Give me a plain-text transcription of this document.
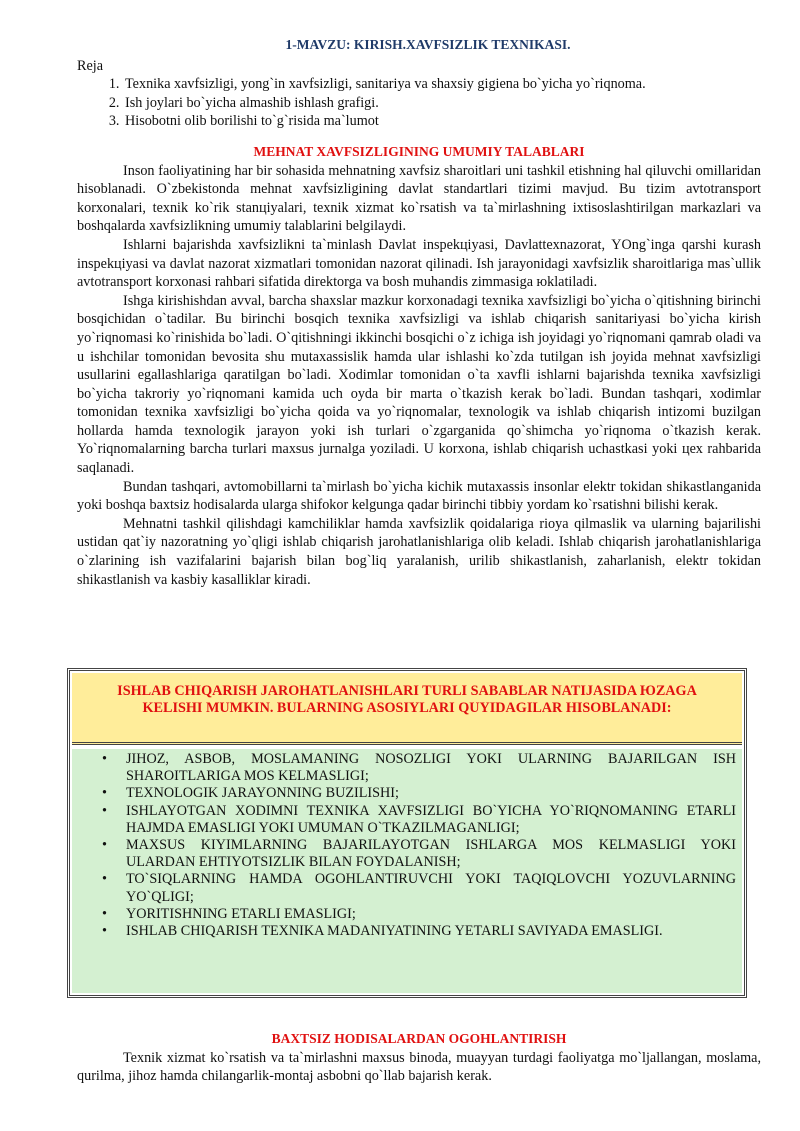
1-MAVZU: KIRISH.XAVFSIZLIK TEXNIKASI.
Reja
1. Texnika xavfsizligi, yong`in xavfsizligi, sanitariya va shaxsiy gigiena bo`yicha yo`riqnoma.
2. Ish joylari bo`yicha almashib ishlash grafigi.
3. Hisobotni olib borilishi to`g`risida ma`lumot
MEHNAT XAVFSIZLIGINING UMUMIY TALABLARI

Inson faoliyatining har bir sohasida mehnatning xavfsiz sharoitlari uni tashkil etishning hal qiluvchi omillaridan hisoblanadi. O`zbekistonda mehnat xavfsizligining davlat standartlari tizimi mavjud. Bu tizim avtotransport korxonalari, texnik ko`rik stanцiyalari, texnik xizmat ko`rsatish va ta`mirlashning ixtisoslashtirilgan markazlari va boshqalarda xavfsizlikning umumiy talablarini belgilaydi.

Ishlarni bajarishda xavfsizlikni ta`minlash Davlat inspekцiyasi, Davlattexnazorat, YOng`inga qarshi kurash inspekцiyasi va davlat nazorat xizmatlari tomonidan nazorat qilinadi. Ish jarayonidagi xavfsizlik sharoitlariga mas`ullik avtotransport korxonasi rahbari sifatida direktorga va bosh muhandis zimmasiga юklatiladi.

Ishga kirishishdan avval, barcha shaxslar mazkur korxonadagi texnika xavfsizligi bo`yicha o`qitishning birinchi bosqichidan o`tadilar. Bu birinchi bosqich texnika xavfsizligi va ishlab chiqarish sanitariyasi bo`yicha kirish yo`riqnomasi ko`rinishida bo`ladi. O`qitishningi ikkinchi bosqichi o`z ichiga ish joyidagi yo`riqnomani qamrab oladi va u ishchilar tomonidan bevosita shu mutaxassislik hamda ular ishlashi ko`zda tutilgan ish joyida mehnat xavfsizligi usullarini egallashlariga qaratilgan bo`ladi. Xodimlar tomonidan o`ta xavfli ishlarni bajarishda texnika xavfsizligi bo`yicha takroriy yo`riqnomani kamida uch oyda bir marta o`tkazish kerak bo`ladi. Bundan tashqari, xodimlar tomonidan texnika xavfsizligi bo`yicha qoida va yo`riqnomalar, texnologik va ishlab chiqarish intizomi buzilgan hollarda hamda texnologik jarayon yoki ish turlari o`zgarganida qo`shimcha yo`riqnoma o`tkazish kerak. Yo`riqnomalarning barcha turlari maxsus jurnalga yoziladi. U korxona, ishlab chiqarish uchastkasi yoki цех rahbarida saqlanadi.

Bundan tashqari, avtomobillarni ta`mirlash bo`yicha kichik mutaxassis insonlar elektr tokidan shikastlanganida yoki boshqa baxtsiz hodisalarda ularga shifokor kelgunga qadar birinchi tibbiy yordam ko`rsatishni bilishi kerak.

Mehnatni tashkil qilishdagi kamchiliklar hamda xavfsizlik qoidalariga rioya qilmaslik va ularning bajarilishi ustidan qat`iy nazoratning yo`qligi ishlab chiqarish jarohatlanishlariga olib keladi. Ishlab chiqarish jarohatlanishlariga o`zlarining ish vazifalarini bajarish bilan bog`liq yaralanish, urilib shikastlanish, zaharlanish, elektr tokidan shikastlanish va kasbiy kasalliklar kiradi.

ISHLAB CHIQARISH JAROHATLANISHLARI TURLI SABABLAR NATIJASIDA ЮZAGA KELISHI MUMKIN. BULARNING ASOSIYLARI QUYIDAGILAR HISOBLANADI:
• JIHOZ, ASBOB, MOSLAMANING NOSOZLIGI YOKI ULARNING BAJARILGAN ISH SHAROITLARIGA MOS KELMASLIGI;
• TEXNOLOGIK JARAYONNING BUZILISHI;
• ISHLAYOTGAN XODIMNI TEXNIKA XAVFSIZLIGI BO`YICHA YO`RIQNOMANING ETARLI HAJMDA EMASLIGI YOKI UMUMAN O`TKAZILMAGANLIGI;
• MAXSUS KIYIMLARNING BAJARILAYOTGAN ISHLARGA MOS KELMASLIGI YOKI ULARDAN EHTIYOTSIZLIK BILAN FOYDALANISH;
• TO`SIQLARNING HAMDA OGOHLANTIRUVCHI YOKI TAQIQLOVCHI YOZUVLARNING YO`QLIGI;
• YORITISHNING ETARLI EMASLIGI;
• ISHLAB CHIQARISH TEXNIKA MADANIYATINING YETARLI SAVIYADA EMASLIGI.
BAXTSIZ HODISALARDAN OGOHLANTIRISH

Texnik xizmat ko`rsatish va ta`mirlashni maxsus binoda, muayyan turdagi faoliyatga mo`ljallangan, moslama, qurilma, jihoz hamda chilangarlik-montaj asbobni qo`llab bajarish kerak.
